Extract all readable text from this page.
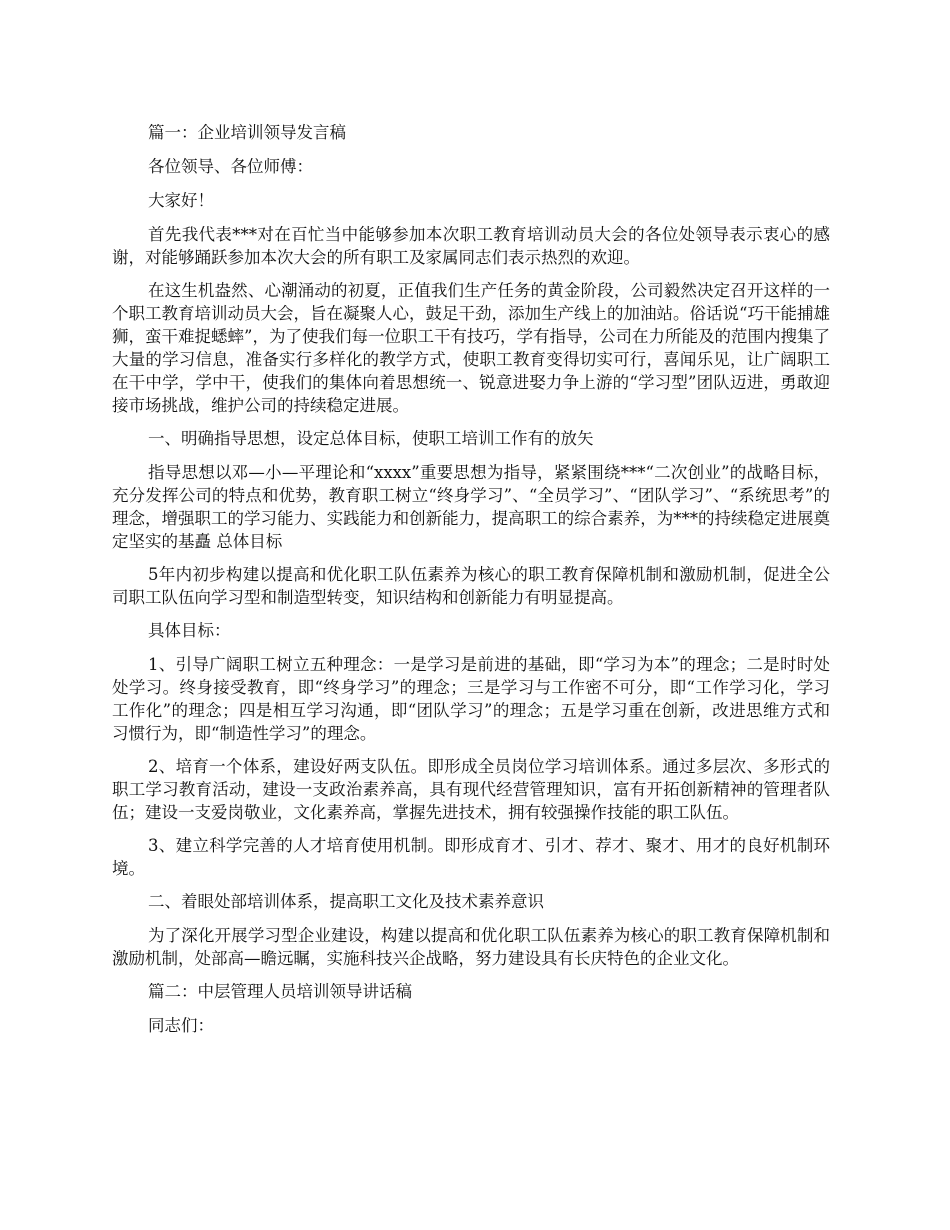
篇一：企业培训领导发言稿

各位领导、各位师傅：

大家好！

首先我代表***对在百忙当中能够参加本次职工教育培训动员大会的各位处领导表示衷心的感谢，对能够踊跃参加本次大会的所有职工及家属同志们表示热烈的欢迎。

在这生机盎然、心潮涌动的初夏，正值我们生产任务的黄金阶段，公司毅然决定召开这样的一个职工教育培训动员大会，旨在凝聚人心，鼓足干劲，添加生产线上的加油站。俗话说“巧干能捕雄狮，蛮干难捉蟋蟀”，为了使我们每一位职工干有技巧，学有指导，公司在力所能及的范围内搜集了大量的学习信息，准备实行多样化的教学方式，使职工教育变得切实可行，喜闻乐见，让广阔职工在干中学，学中干，使我们的集体向着思想统一、锐意进娶力争上游的“学习型”团队迈进，勇敢迎接市场挑战，维护公司的持续稳定进展。

一、明确指导思想，设定总体目标，使职工培训工作有的放矢

指导思想以邓—小—平理论和“xxxx”重要思想为指导，紧紧围绕***“二次创业”的战略目标，充分发挥公司的特点和优势，教育职工树立“终身学习”、“全员学习”、“团队学习”、“系统思考”的理念，增强职工的学习能力、实践能力和创新能力，提高职工的综合素养，为***的持续稳定进展奠定坚实的基矗 总体目标

5年内初步构建以提高和优化职工队伍素养为核心的职工教育保障机制和激励机制，促进全公司职工队伍向学习型和制造型转变，知识结构和创新能力有明显提高。

具体目标：

1、引导广阔职工树立五种理念：一是学习是前进的基础，即“学习为本”的理念；二是时时处处学习。终身接受教育，即“终身学习”的理念；三是学习与工作密不可分，即“工作学习化，学习工作化”的理念；四是相互学习沟通，即“团队学习”的理念；五是学习重在创新，改进思维方式和习惯行为，即“制造性学习”的理念。

2、培育一个体系，建设好两支队伍。即形成全员岗位学习培训体系。通过多层次、多形式的职工学习教育活动，建设一支政治素养高，具有现代经营管理知识，富有开拓创新精神的管理者队伍；建设一支爱岗敬业，文化素养高，掌握先进技术，拥有较强操作技能的职工队伍。

3、建立科学完善的人才培育使用机制。即形成育才、引才、荐才、聚才、用才的良好机制环境。

二、着眼处部培训体系，提高职工文化及技术素养意识

为了深化开展学习型企业建设，构建以提高和优化职工队伍素养为核心的职工教育保障机制和激励机制，处部高—瞻远瞩，实施科技兴企战略，努力建设具有长庆特色的企业文化。

篇二：中层管理人员培训领导讲话稿

同志们：
